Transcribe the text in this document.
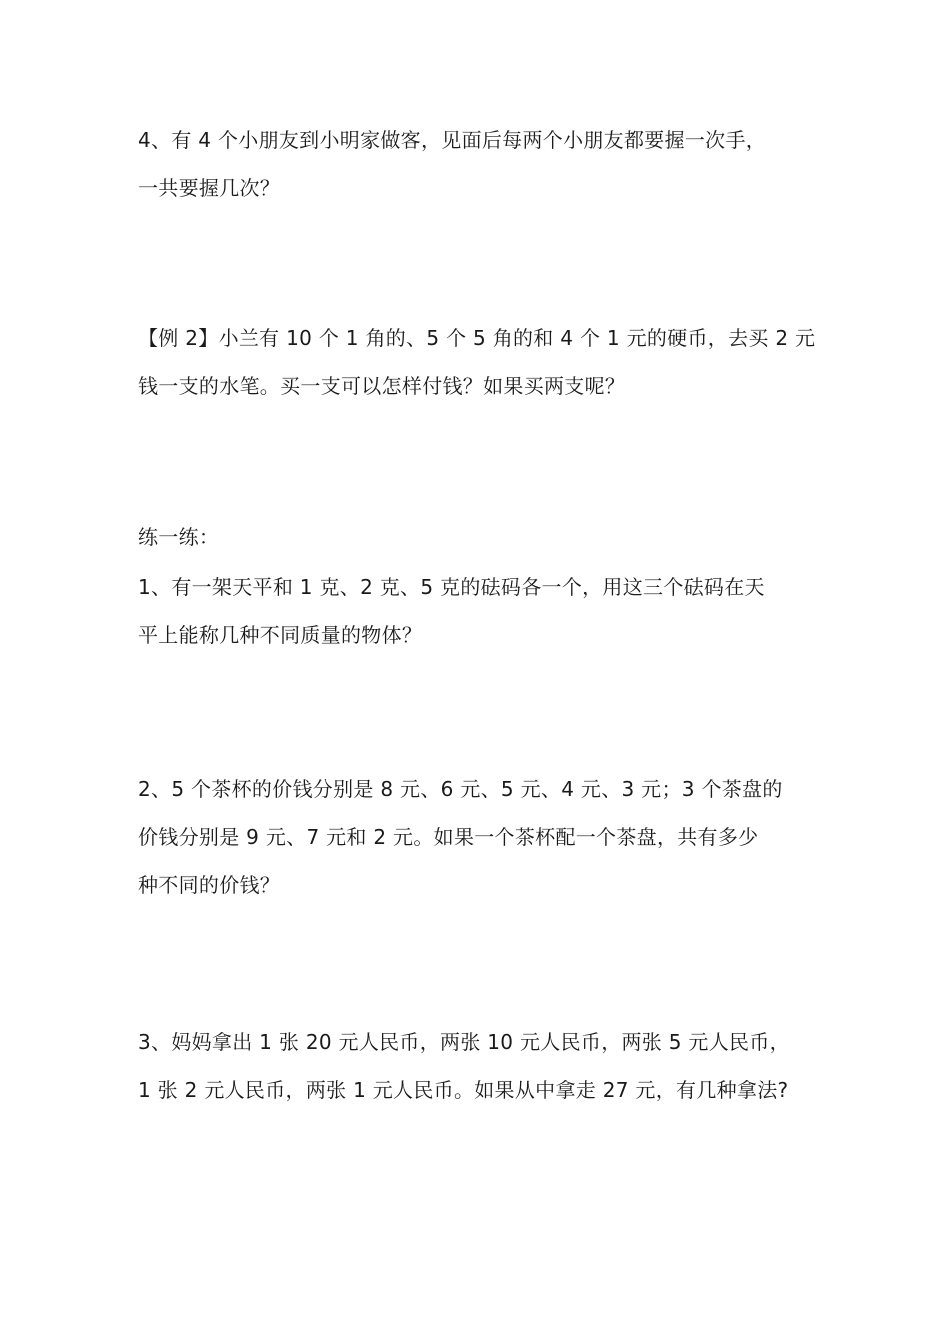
4、有 4 个小朋友到小明家做客，见面后每两个小朋友都要握一次手，
一共要握几次？

【例 2】小兰有 10 个 1 角的、5 个 5 角的和 4 个 1 元的硬币，去买 2 元
钱一支的水笔。买一支可以怎样付钱？如果买两支呢？

练一练：

1、有一架天平和 1 克、2 克、5 克的砝码各一个，用这三个砝码在天
平上能称几种不同质量的物体？

2、5 个茶杯的价钱分别是 8 元、6 元、5 元、4 元、3 元；3 个茶盘的
价钱分别是 9 元、7 元和 2 元。如果一个茶杯配一个茶盘，共有多少
种不同的价钱？

3、妈妈拿出 1 张 20 元人民币，两张 10 元人民币，两张 5 元人民币，
1 张 2 元人民币，两张 1 元人民币。如果从中拿走 27 元，有几种拿法?
